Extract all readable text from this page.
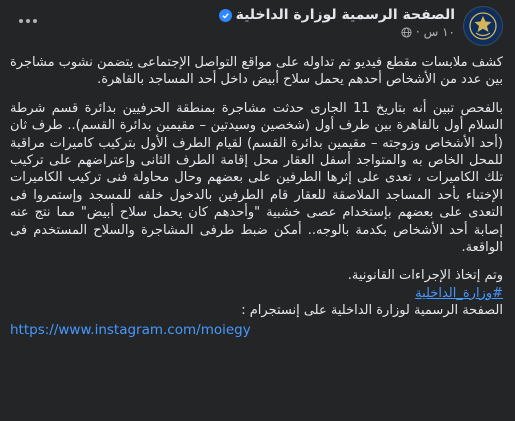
الصفحة الرسمية لوزارة الداخلية
١٠ س
·

كشف ملابسات مقطع فيديو تم تداوله على مواقع التواصل الإجتماعى يتضمن نشوب مشاجرة بين عدد من الأشخاص أحدهم يحمل سلاح أبيض داخل أحد المساجد بالقاهرة.

بالفحص تبين أنه بتاريخ 11 الجارى حدثت مشاجرة بمنطقة الحرفيين بدائرة قسم شرطة السلام أول بالقاهرة بين طرف أول (شخصين وسيدتين – مقيمين بدائرة القسم).. طرف ثان (أحد الأشخاص وزوجته – مقيمين بدائرة القسم) لقيام الطرف الأول بتركيب كاميرات مراقبة للمحل الخاص به والمتواجد أسفل العقار محل إقامة الطرف الثانى وإعتراضهم على تركيب تلك الكاميرات ، تعدى على إثرها الطرفين على بعضهم وحال محاولة فنى تركيب الكاميرات الإختباء بأحد المساجد الملاصقة للعقار قام الطرفين بالدخول خلفه للمسجد وإستمروا فى التعدى على بعضهم بإستخدام عصى خشبية "وأحدهم كان يحمل سلاح أبيض" مما نتج عنه إصابة أحد الأشخاص بكدمة بالوجه.. أمكن ضبط طرفى المشاجرة والسلاح المستخدم فى الواقعة.

وتم إتخاذ الإجراءات القانونية.

#وزارة_الداخلية
الصفحة الرسمية لوزارة الداخلية على إنستجرام :
https://www.instagram.com/moiegy
